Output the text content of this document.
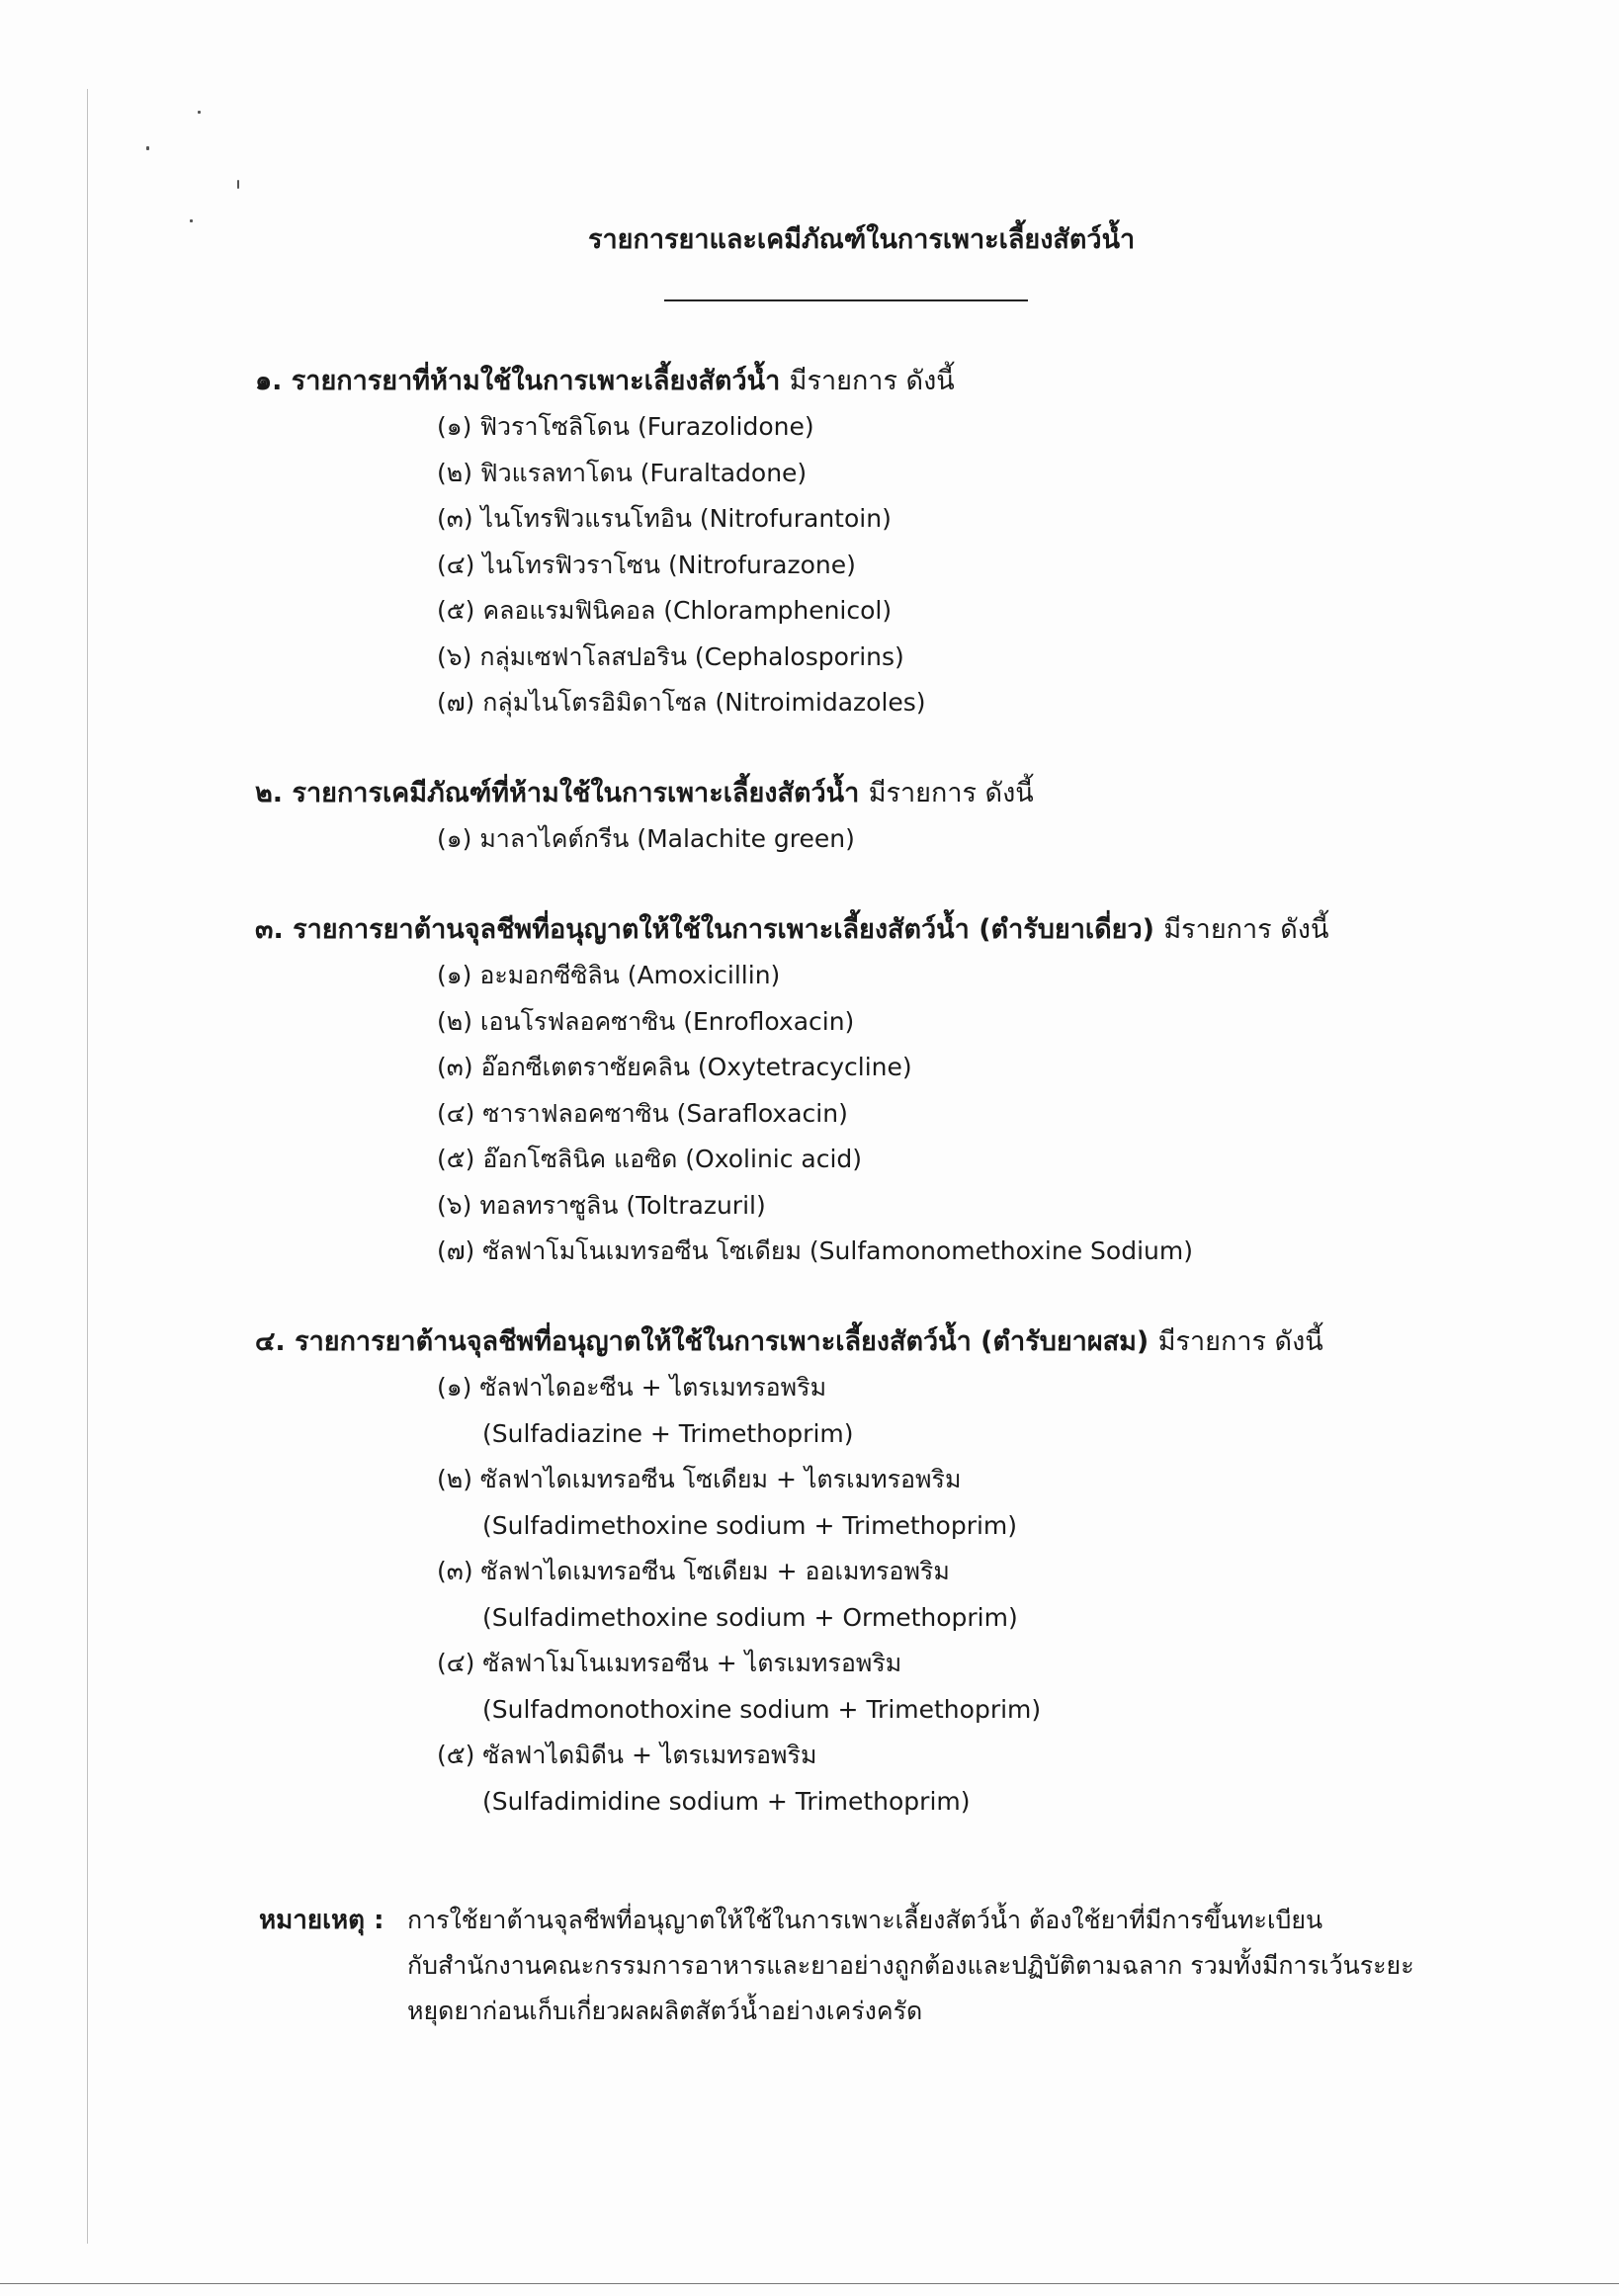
รายการยาและเคมีภัณฑ์ในการเพาะเลี้ยงสัตว์น้ำ
๑. รายการยาที่ห้ามใช้ในการเพาะเลี้ยงสัตว์น้ำ มีรายการ ดังนี้
(๑) ฟิวราโซลิโดน (Furazolidone)
(๒) ฟิวแรลทาโดน (Furaltadone)
(๓) ไนโทรฟิวแรนโทอิน (Nitrofurantoin)
(๔) ไนโทรฟิวราโซน (Nitrofurazone)
(๕) คลอแรมฟินิคอล (Chloramphenicol)
(๖) กลุ่มเซฟาโลสปอริน (Cephalosporins)
(๗) กลุ่มไนโตรอิมิดาโซล (Nitroimidazoles)
๒. รายการเคมีภัณฑ์ที่ห้ามใช้ในการเพาะเลี้ยงสัตว์น้ำ มีรายการ ดังนี้
(๑) มาลาไคต์กรีน (Malachite green)
๓. รายการยาต้านจุลชีพที่อนุญาตให้ใช้ในการเพาะเลี้ยงสัตว์น้ำ (ตำรับยาเดี่ยว) มีรายการ ดังนี้
(๑) อะมอกซีซิลิน (Amoxicillin)
(๒) เอนโรฟลอคซาซิน (Enrofloxacin)
(๓) อ๊อกซีเตตราซัยคลิน (Oxytetracycline)
(๔) ซาราฟลอคซาซิน (Sarafloxacin)
(๕) อ๊อกโซลินิค แอซิด (Oxolinic acid)
(๖) ทอลทราซูลิน (Toltrazuril)
(๗) ซัลฟาโมโนเมทรอซีน โซเดียม (Sulfamonomethoxine Sodium)
๔. รายการยาต้านจุลชีพที่อนุญาตให้ใช้ในการเพาะเลี้ยงสัตว์น้ำ (ตำรับยาผสม) มีรายการ ดังนี้
(๑) ซัลฟาไดอะซีน + ไตรเมทรอพริม
(Sulfadiazine + Trimethoprim)
(๒) ซัลฟาไดเมทรอซีน โซเดียม + ไตรเมทรอพริม
(Sulfadimethoxine sodium + Trimethoprim)
(๓) ซัลฟาไดเมทรอซีน โซเดียม + ออเมทรอพริม
(Sulfadimethoxine sodium + Ormethoprim)
(๔) ซัลฟาโมโนเมทรอซีน + ไตรเมทรอพริม
(Sulfadmonothoxine sodium + Trimethoprim)
(๕) ซัลฟาไดมิดีน + ไตรเมทรอพริม
(Sulfadimidine sodium + Trimethoprim)
หมายเหตุ : การใช้ยาต้านจุลชีพที่อนุญาตให้ใช้ในการเพาะเลี้ยงสัตว์น้ำ ต้องใช้ยาที่มีการขึ้นทะเบียน
กับสำนักงานคณะกรรมการอาหารและยาอย่างถูกต้องและปฏิบัติตามฉลาก รวมทั้งมีการเว้นระยะ
หยุดยาก่อนเก็บเกี่ยวผลผลิตสัตว์น้ำอย่างเคร่งครัด
